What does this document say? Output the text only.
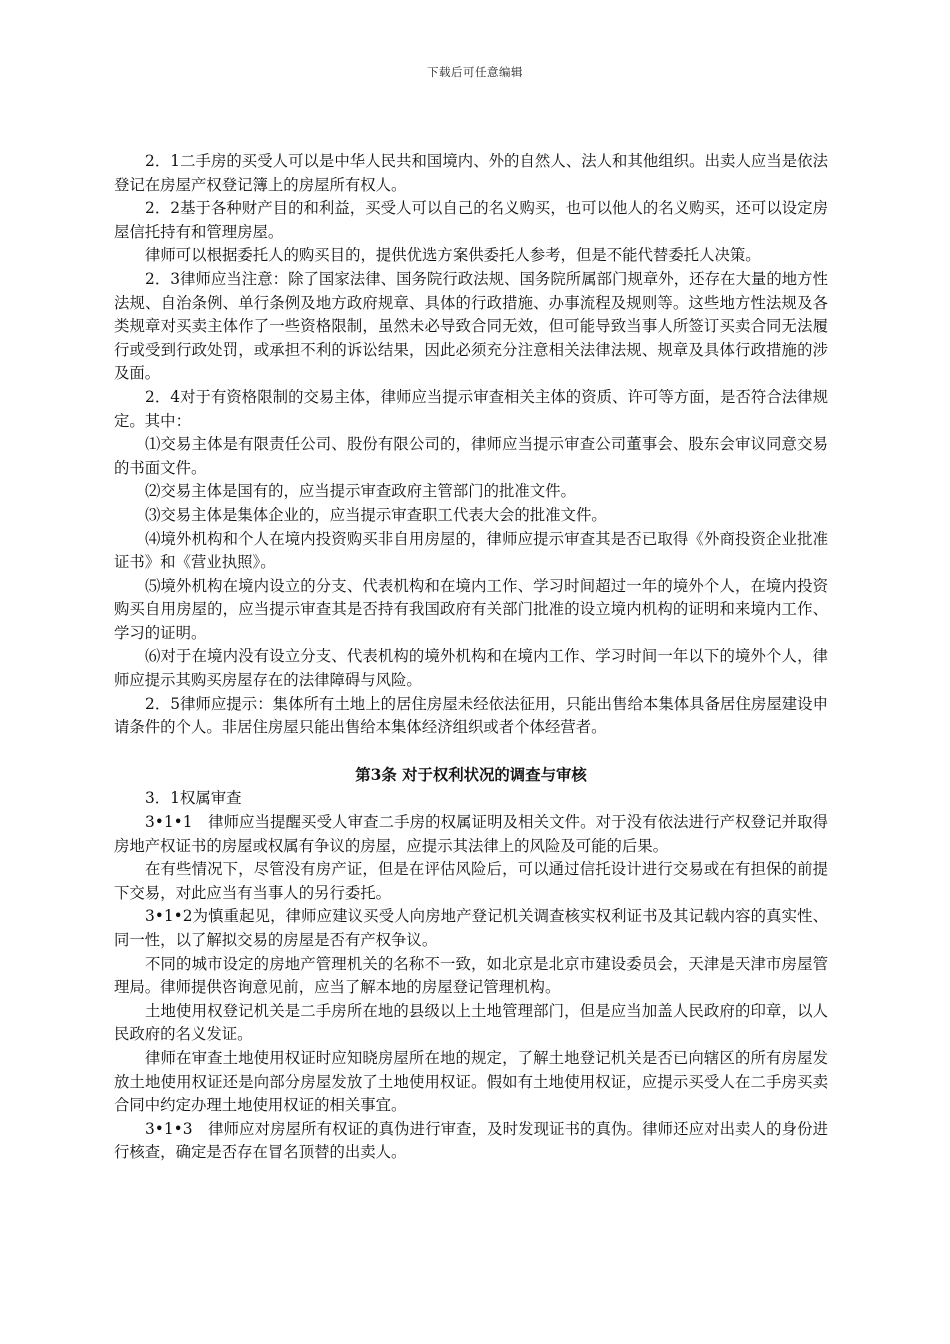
下载后可任意编辑

2．1二手房的买受人可以是中华人民共和国境内、外的自然人、法人和其他组织。出卖人应当是依法登记在房屋产权登记簿上的房屋所有权人。

2．2基于各种财产目的和利益，买受人可以自己的名义购买，也可以他人的名义购买，还可以设定房屋信托持有和管理房屋。

律师可以根据委托人的购买目的，提供优选方案供委托人参考，但是不能代替委托人决策。

2．3律师应当注意：除了国家法律、国务院行政法规、国务院所属部门规章外，还存在大量的地方性法规、自治条例、单行条例及地方政府规章、具体的行政措施、办事流程及规则等。这些地方性法规及各类规章对买卖主体作了一些资格限制，虽然未必导致合同无效，但可能导致当事人所签订买卖合同无法履行或受到行政处罚，或承担不利的诉讼结果，因此必须充分注意相关法律法规、规章及具体行政措施的涉及面。

2．4对于有资格限制的交易主体，律师应当提示审查相关主体的资质、许可等方面，是否符合法律规定。其中：

⑴交易主体是有限责任公司、股份有限公司的，律师应当提示审查公司董事会、股东会审议同意交易的书面文件。

⑵交易主体是国有的，应当提示审查政府主管部门的批准文件。

⑶交易主体是集体企业的，应当提示审查职工代表大会的批准文件。

⑷境外机构和个人在境内投资购买非自用房屋的，律师应提示审查其是否已取得《外商投资企业批准证书》和《营业执照》。

⑸境外机构在境内设立的分支、代表机构和在境内工作、学习时间超过一年的境外个人，在境内投资购买自用房屋的，应当提示审查其是否持有我国政府有关部门批准的设立境内机构的证明和来境内工作、学习的证明。

⑹对于在境内没有设立分支、代表机构的境外机构和在境内工作、学习时间一年以下的境外个人，律师应提示其购买房屋存在的法律障碍与风险。

2．5律师应提示：集体所有土地上的居住房屋未经依法征用，只能出售给本集体具备居住房屋建设申请条件的个人。非居住房屋只能出售给本集体经济组织或者个体经营者。

第3条 对于权利状况的调查与审核

3．1权属审查

3•1•1　律师应当提醒买受人审查二手房的权属证明及相关文件。对于没有依法进行产权登记并取得房地产权证书的房屋或权属有争议的房屋，应提示其法律上的风险及可能的后果。

在有些情况下，尽管没有房产证，但是在评估风险后，可以通过信托设计进行交易或在有担保的前提下交易，对此应当有当事人的另行委托。

3•1•2为慎重起见，律师应建议买受人向房地产登记机关调查核实权利证书及其记载内容的真实性、同一性，以了解拟交易的房屋是否有产权争议。

不同的城市设定的房地产管理机关的名称不一致，如北京是北京市建设委员会，天津是天津市房屋管理局。律师提供咨询意见前，应当了解本地的房屋登记管理机构。

土地使用权登记机关是二手房所在地的县级以上土地管理部门，但是应当加盖人民政府的印章，以人民政府的名义发证。

律师在审查土地使用权证时应知晓房屋所在地的规定，了解土地登记机关是否已向辖区的所有房屋发放土地使用权证还是向部分房屋发放了土地使用权证。假如有土地使用权证，应提示买受人在二手房买卖合同中约定办理土地使用权证的相关事宜。

3•1•3　律师应对房屋所有权证的真伪进行审查，及时发现证书的真伪。律师还应对出卖人的身份进行核查，确定是否存在冒名顶替的出卖人。
